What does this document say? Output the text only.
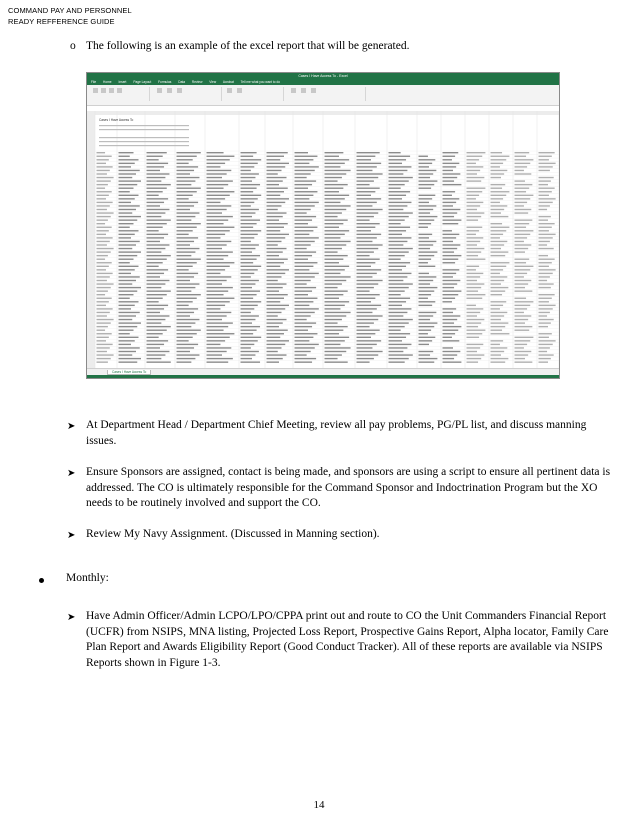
COMMAND PAY AND PERSONNEL
READY REFFERENCE GUIDE
o The following is an example of the excel report that will be generated.
Cases I Have Access To - Excel
File Home Insert Page Layout Formulas Data Review View Acrobat Tell me what you want to do
Cases I Have Access To
Cases I Have Access To
➤ At Department Head / Department Chief Meeting, review all pay problems, PG/PL list, and discuss manning issues.
➤ Ensure Sponsors are assigned, contact is being made, and sponsors are using a script to ensure all pertinent data is addressed. The CO is ultimately responsible for the Command Sponsor and Indoctrination Program but the XO needs to be routinely involved and support the CO.
➤ Review My Navy Assignment. (Discussed in Manning section).
Monthly:
➤ Have Admin Officer/Admin LCPO/LPO/CPPA print out and route to CO the Unit Commanders Financial Report (UCFR) from NSIPS, MNA listing, Projected Loss Report, Prospective Gains Report, Alpha locator, Family Care Plan Report and Awards Eligibility Report (Good Conduct Tracker). All of these reports are available via NSIPS Reports shown in Figure 1-3.
14
